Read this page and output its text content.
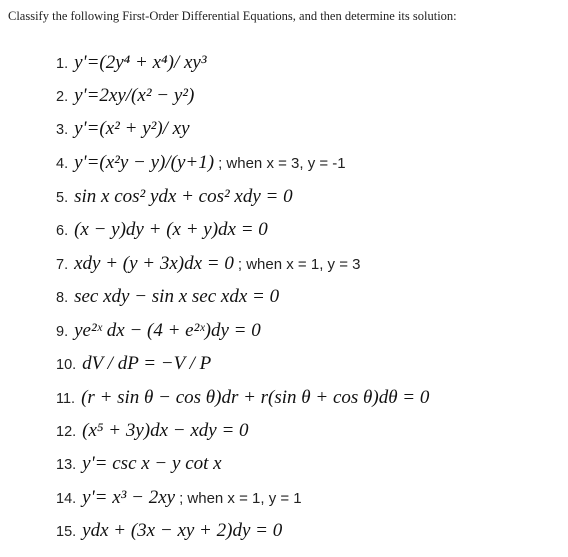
Classify the following First-Order Differential Equations, and then determine its solution:
1. y'=(2y⁴ + x⁴)/ xy³
2. y'=2xy/(x² − y²)
3. y'=(x² + y²)/ xy
4. y'=(x²y − y)/(y+1) ; when x = 3, y = -1
5. sin x cos² ydx + cos² xdy = 0
6. (x − y)dy + (x + y)dx = 0
7. xdy + (y + 3x)dx = 0 ; when x = 1, y = 3
8. sec xdy − sin x sec xdx = 0
9. ye²ˣ dx − (4 + e²ˣ)dy = 0
10. dV / dP = −V / P
11. (r + sin θ − cos θ)dr + r(sin θ + cos θ)dθ = 0
12. (x⁵ + 3y)dx − xdy = 0
13. y'= csc x − y cot x
14. y'= x³ − 2xy ; when x = 1, y = 1
15. ydx + (3x − xy + 2)dy = 0
